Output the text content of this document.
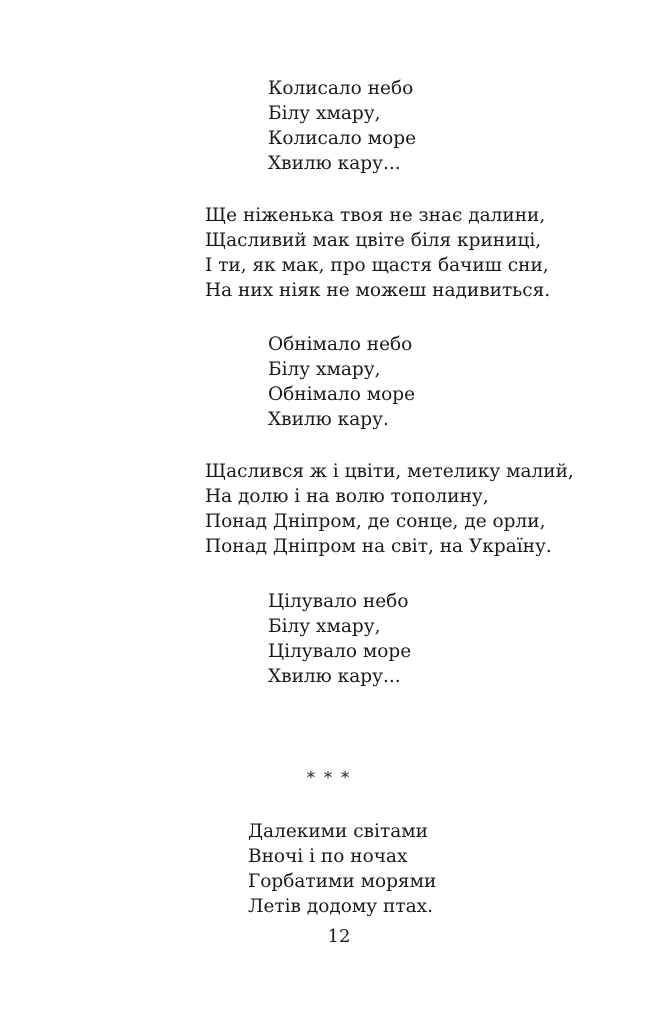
Колисало небо
Білу хмару,
Колисало море
Хвилю кару...
Ще ніженька твоя не знає далини,
Щасливий мак цвіте біля криниці,
І ти, як мак, про щастя бачиш сни,
На них ніяк не можеш надивиться.
Обнімало небо
Білу хмару,
Обнімало море
Хвилю кару.
Щаслився ж і цвіти, метелику малий,
На долю і на волю тополину,
Понад Дніпром, де сонце, де орли,
Понад Дніпром на світ, на Україну.
Цілувало небо
Білу хмару,
Цілувало море
Хвилю кару...
* * *
Далекими світами
Вночі і по ночах
Горбатими морями
Летів додому птах.
12
